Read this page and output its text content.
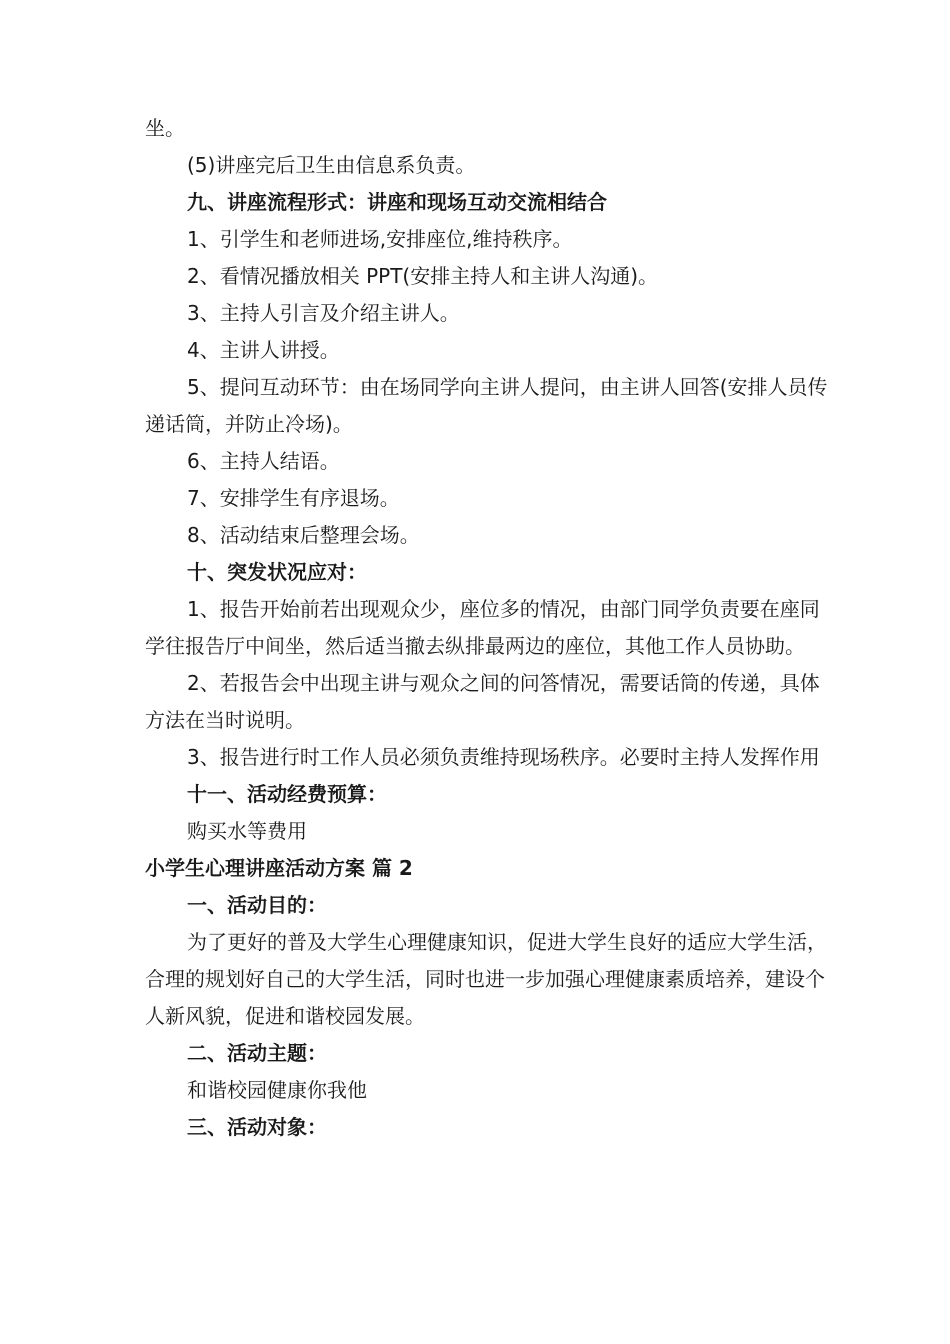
坐。

(5)讲座完后卫生由信息系负责。

九、讲座流程形式：讲座和现场互动交流相结合

1、引学生和老师进场,安排座位,维持秩序。

2、看情况播放相关 PPT(安排主持人和主讲人沟通)。

3、主持人引言及介绍主讲人。

4、主讲人讲授。

5、提问互动环节：由在场同学向主讲人提问，由主讲人回答(安排人员传递话筒，并防止冷场)。

6、主持人结语。

7、安排学生有序退场。

8、活动结束后整理会场。

十、突发状况应对：

1、报告开始前若出现观众少，座位多的情况，由部门同学负责要在座同学往报告厅中间坐，然后适当撤去纵排最两边的座位，其他工作人员协助。

2、若报告会中出现主讲与观众之间的问答情况，需要话筒的传递，具体方法在当时说明。

3、报告进行时工作人员必须负责维持现场秩序。必要时主持人发挥作用

十一、活动经费预算：

购买水等费用

小学生心理讲座活动方案 篇 2

一、活动目的：

为了更好的普及大学生心理健康知识，促进大学生良好的适应大学生活，合理的规划好自己的大学生活，同时也进一步加强心理健康素质培养，建设个人新风貌，促进和谐校园发展。

二、活动主题：

和谐校园健康你我他

三、活动对象：
